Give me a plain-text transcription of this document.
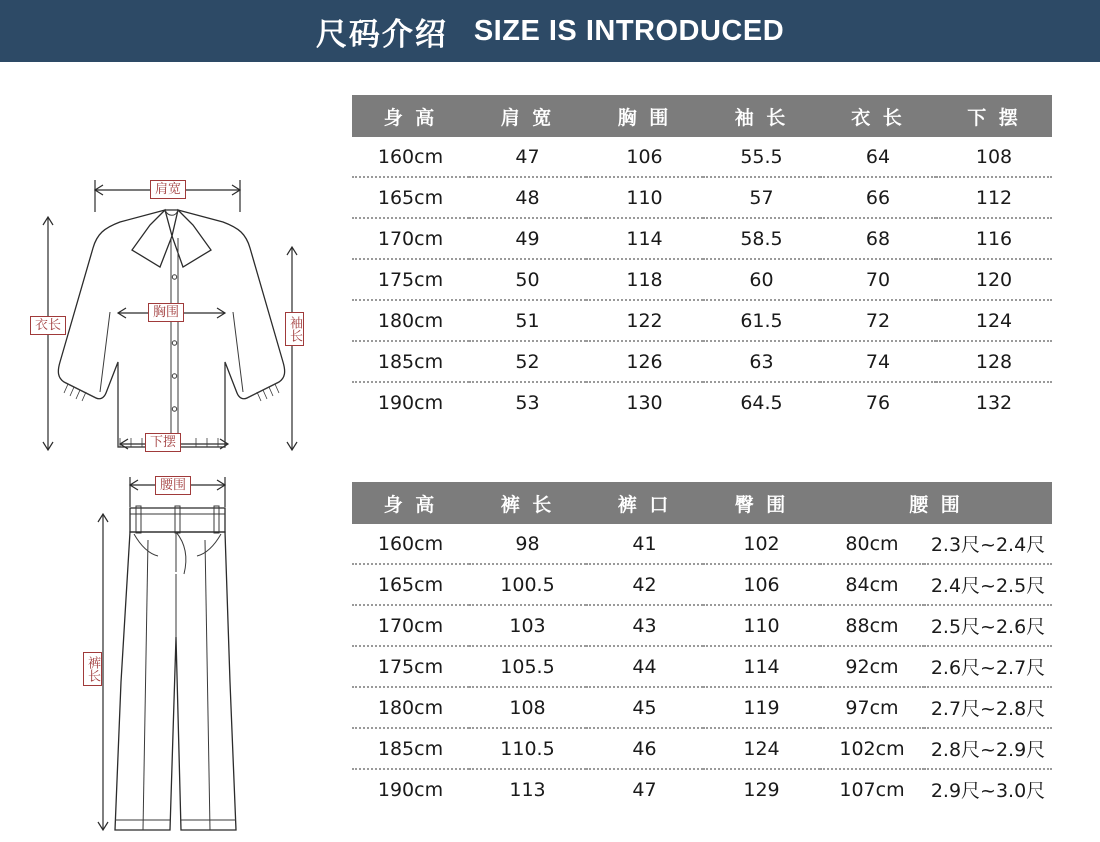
尺码介绍 SIZE IS INTRODUCED
肩宽
胸围
衣长	袖长
下摆
身 高	肩 宽	胸 围	袖 长	衣 长	下 摆
160cm	47	106	55.5	64	108
165cm	48	110	57	66	112
170cm	49	114	58.5	68	116
175cm	50	118	60	70	120
180cm	51	122	61.5	72	124
185cm	52	126	63	74	128
190cm	53	130	64.5	76	132
腰围
裤长
身 高	裤 长	裤 口	臀 围	腰 围	
160cm	98	41	102	80cm	2.3尺~2.4尺
165cm	100.5	42	106	84cm	2.4尺~2.5尺
170cm	103	43	110	88cm	2.5尺~2.6尺
175cm	105.5	44	114	92cm	2.6尺~2.7尺
180cm	108	45	119	97cm	2.7尺~2.8尺
185cm	110.5	46	124	102cm	2.8尺~2.9尺
190cm	113	47	129	107cm	2.9尺~3.0尺
